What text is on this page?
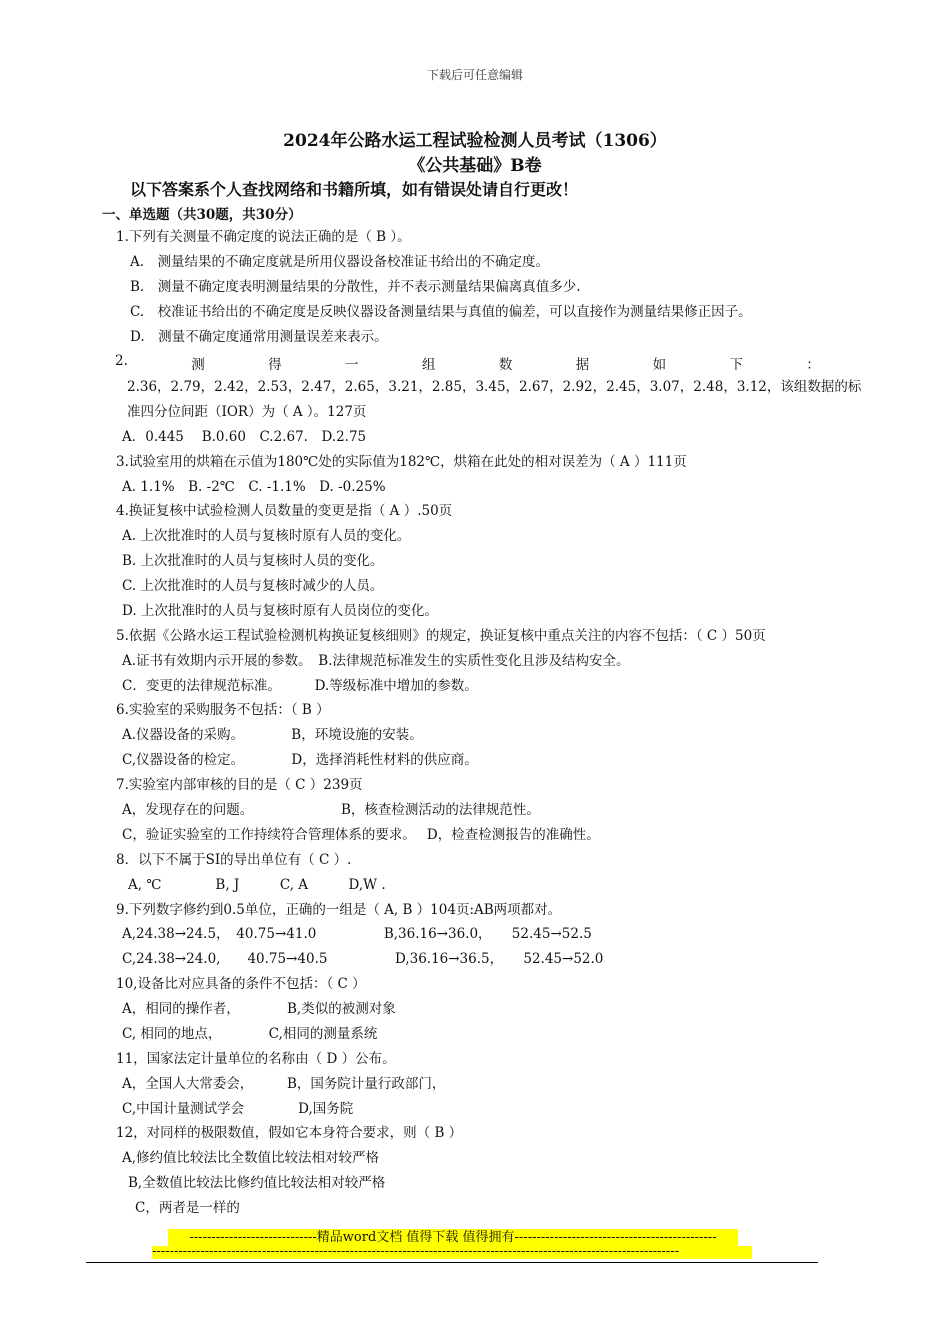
下载后可任意编辑
2024年公路水运工程试验检测人员考试（1306）
《公共基础》B卷
以下答案系个人查找网络和书籍所填，如有错误处请自行更改！
一、单选题（共30题，共30分）
2.	测	得	一	组	数	据	如	下	：
1.下列有关测量不确定度的说法正确的是（ B ）。
A.　测量结果的不确定度就是所用仪器设备校准证书给出的不确定度。
B.　测量不确定度表明测量结果的分散性，并不表示测量结果偏离真值多少.
C.　校准证书给出的不确定度是反映仪器设备测量结果与真值的偏差，可以直接作为测量结果修正因子。
D.　测量不确定度通常用测量误差来表示。
2.36，2.79，2.42，2.53，2.47，2.65，3.21，2.85，3.45，2.67，2.92，2.45，3.07，2.48，3.12，该组数据的标
准四分位间距（IOR）为（ A ）。127页
A．0.445　 B.0.60　C.2.67.　D.2.75
3.试验室用的烘箱在示值为180℃处的实际值为182℃，烘箱在此处的相对误差为（ A ）111页
A. 1.1%　B. -2℃　C. -1.1%　D. -0.25%
4.换证复核中试验检测人员数量的变更是指（ A ）.50页
A. 上次批准时的人员与复核时原有人员的变化。
B. 上次批准时的人员与复核时人员的变化。
C. 上次批准时的人员与复核时减少的人员。
D. 上次批准时的人员与复核时原有人员岗位的变化。
5.依据《公路水运工程试验检测机构换证复核细则》的规定，换证复核中重点关注的内容不包括：（ C ）50页
A.证书有效期内示开展的参数。　B.法律规范标准发生的实质性变化且涉及结构安全。
C．变更的法律规范标准。　　　D.等级标准中增加的参数。
6.实验室的采购服务不包括：（ B ）
A.仪器设备的采购。　　　　B，环境设施的安装。
C,仪器设备的检定。　　　　D，选择消耗性材料的供应商。
7.实验室内部审核的目的是（ C ）239页
A，发现存在的问题。　　　　　　　B，核查检测活动的法律规范性。
C，验证实验室的工作持续符合管理体系的要求。　 D，检查检测报告的准确性。
8．以下不属于SI的导出单位有（ C ）.
A, ℃　　　　B, J　　　C, A　　　D,W .
9.下列数字修约到0.5单位，正确的一组是（ A, B ）104页:AB两项都对。
A,24.38→24.5，　40.75→41.0　　　　　B,36.16→36.0，　　52.45→52.5
C,24.38→24.0,　　40.75→40.5　　　　　D,36.16→36.5，　　52.45→52.0
10,设备比对应具备的条件不包括：（ C ）
A，相同的操作者，　　　　B,类似的被测对象
C, 相同的地点，　　　　C,相同的测量系统
11，国家法定计量单位的名称由（ D ）公布。
A，全国人大常委会，　　　B，国务院计量行政部门，
C,中国计量测试学会　　　　D,国务院
12，对同样的极限数值，假如它本身符合要求，则（ B ）
A,修约值比较法比全数值比较法相对较严格
B,全数值比较法比修约值比较法相对较严格
C，两者是一样的
-----------------------------精品word文档 值得下载 值得拥有----------------------------------------------
------------------------------------------------------------------------------------------------------------------------
